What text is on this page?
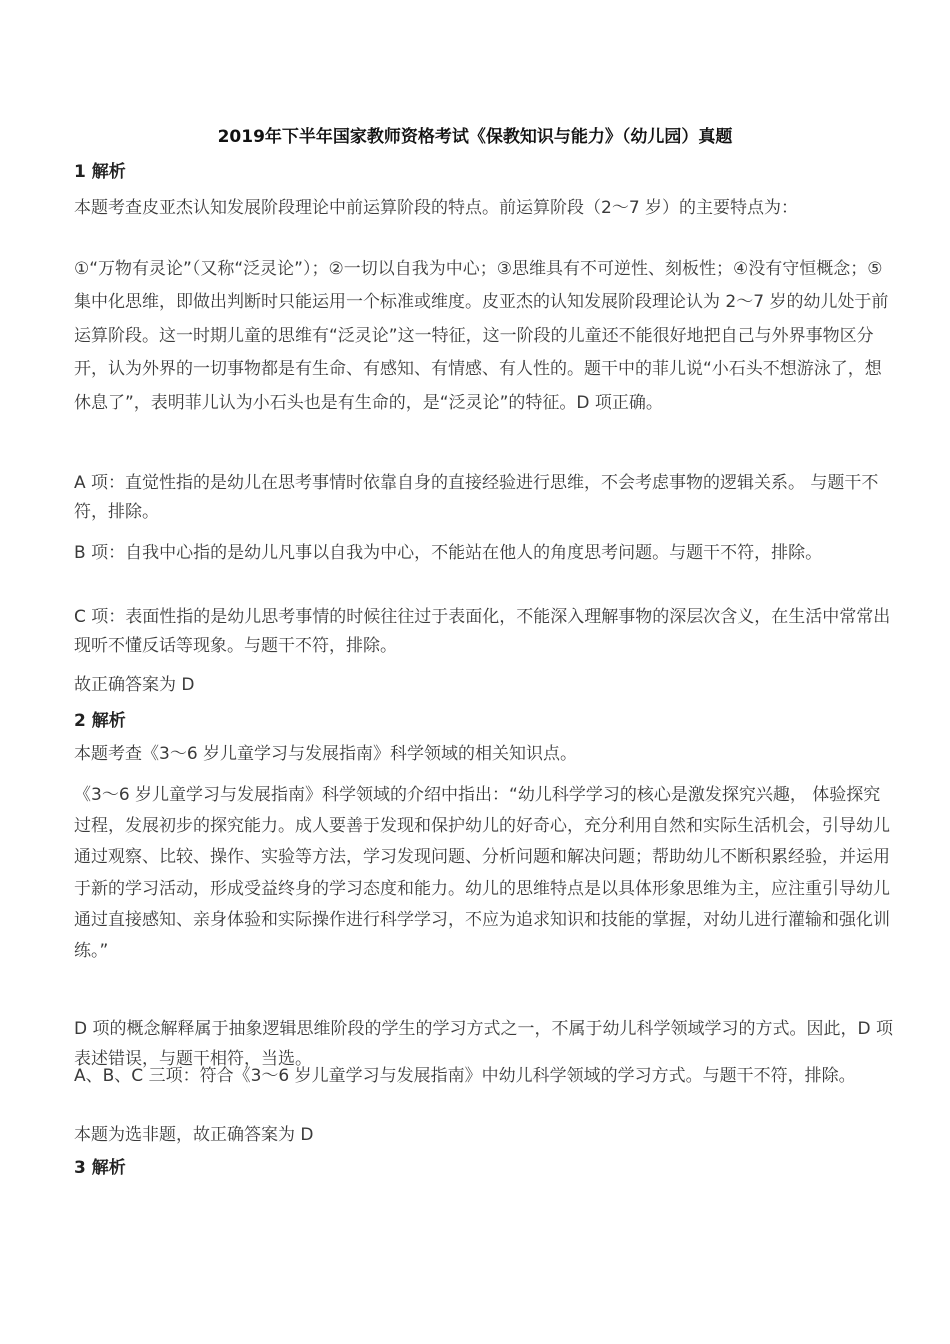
2019年下半年国家教师资格考试《保教知识与能力》（幼儿园）真题
1 解析
本题考查皮亚杰认知发展阶段理论中前运算阶段的特点。前运算阶段（2～7 岁）的主要特点为：
①“万物有灵论”（又称“泛灵论”）；②一切以自我为中心；③思维具有不可逆性、刻板性；④没有守恒概念；⑤集中化思维，即做出判断时只能运用一个标准或维度。皮亚杰的认知发展阶段理论认为 2～7 岁的幼儿处于前运算阶段。这一时期儿童的思维有“泛灵论”这一特征，这一阶段的儿童还不能很好地把自己与外界事物区分开，认为外界的一切事物都是有生命、有感知、有情感、有人性的。题干中的菲儿说“小石头不想游泳了，想休息了”，表明菲儿认为小石头也是有生命的，是“泛灵论”的特征。D 项正确。
A 项：直觉性指的是幼儿在思考事情时依靠自身的直接经验进行思维，不会考虑事物的逻辑关系。 与题干不符，排除。
B 项：自我中心指的是幼儿凡事以自我为中心，不能站在他人的角度思考问题。与题干不符，排除。
C 项：表面性指的是幼儿思考事情的时候往往过于表面化，不能深入理解事物的深层次含义，在生活中常常出现听不懂反话等现象。与题干不符，排除。
故正确答案为 D
2 解析
本题考查《3～6 岁儿童学习与发展指南》科学领域的相关知识点。
《3～6 岁儿童学习与发展指南》科学领域的介绍中指出：“幼儿科学学习的核心是激发探究兴趣， 体验探究过程，发展初步的探究能力。成人要善于发现和保护幼儿的好奇心，充分利用自然和实际生活机会，引导幼儿通过观察、比较、操作、实验等方法，学习发现问题、分析问题和解决问题；帮助幼儿不断积累经验，并运用于新的学习活动，形成受益终身的学习态度和能力。幼儿的思维特点是以具体形象思维为主，应注重引导幼儿通过直接感知、亲身体验和实际操作进行科学学习，不应为追求知识和技能的掌握，对幼儿进行灌输和强化训练。”
D 项的概念解释属于抽象逻辑思维阶段的学生的学习方式之一，不属于幼儿科学领域学习的方式。因此，D 项表述错误，与题干相符，当选。
A、B、C 三项：符合《3～6 岁儿童学习与发展指南》中幼儿科学领域的学习方式。与题干不符，排除。
本题为选非题，故正确答案为 D
3 解析
